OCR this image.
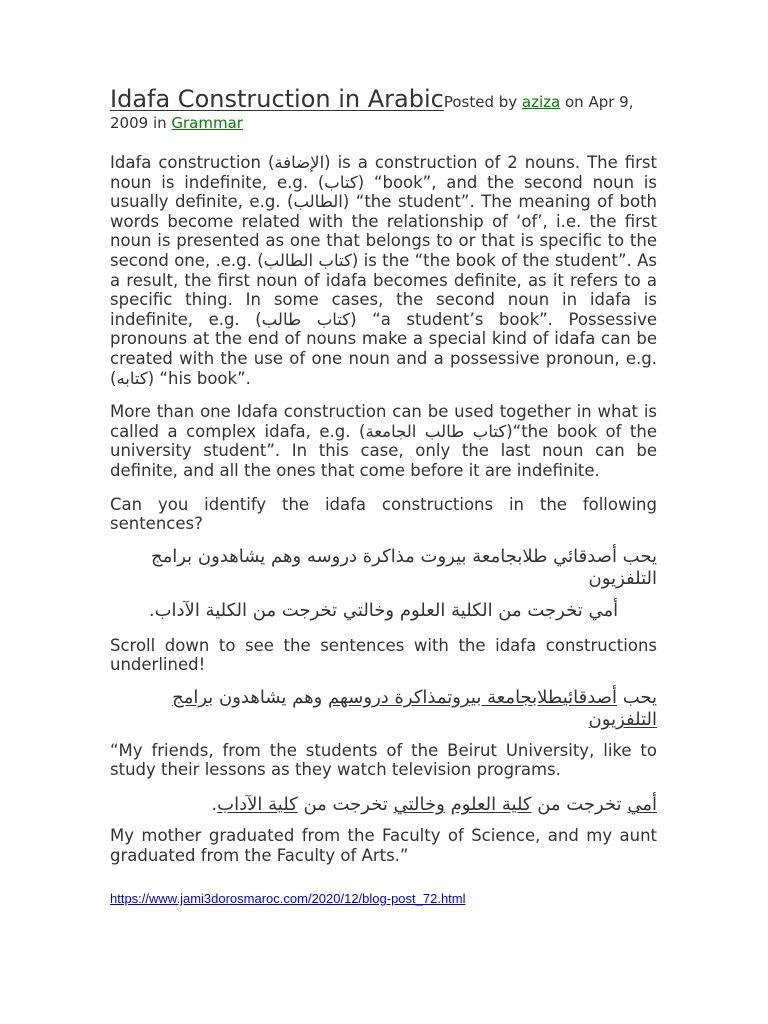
Idafa Construction in ArabicPosted by aziza on Apr 9, 2009 in Grammar

Idafa construction (الإضافة) is a construction of 2 nouns. The first noun is indefinite, e.g. (كتاب) “book”, and the second noun is usually definite, e.g. (الطالب) “the student”. The meaning of both words become related with the relationship of ‘of’, i.e. the first noun is presented as one that belongs to or that is specific to the second one, .e.g. (كتاب الطالب) is the “the book of the student”. As a result, the first noun of idafa becomes definite, as it refers to a specific thing. In some cases, the second noun in idafa is indefinite, e.g. (كتاب طالب) “a student’s book”. Possessive pronouns at the end of nouns make a special kind of idafa can be created with the use of one noun and a possessive pronoun, e.g. (كتابه) “his book”.

More than one Idafa construction can be used together in what is called a complex idafa, e.g. (كتاب طالب الجامعة)“the book of the university student”. In this case, only the last noun can be definite, and all the ones that come before it are indefinite.

Can you identify the idafa constructions in the following sentences?

يحب أصدقائي طلابجامعة بيروت مذاكرة دروسه وهم يشاهدون برامج التلفزيون

أمي تخرجت من الكلية العلوم وخالتي تخرجت من الكلية الآداب.

Scroll down to see the sentences with the idafa constructions underlined!

يحب أصدقائيطلابجامعة بيروتمذاكرة دروسهم وهم يشاهدون برامج التلفزيون

“My friends, from the students of the Beirut University, like to study their lessons as they watch television programs.

أمي تخرجت من كلية العلوم وخالتي تخرجت من كلية الآداب.

My mother graduated from the Faculty of Science, and my aunt graduated from the Faculty of Arts.”

https://www.jami3dorosmaroc.com/2020/12/blog-post_72.html
